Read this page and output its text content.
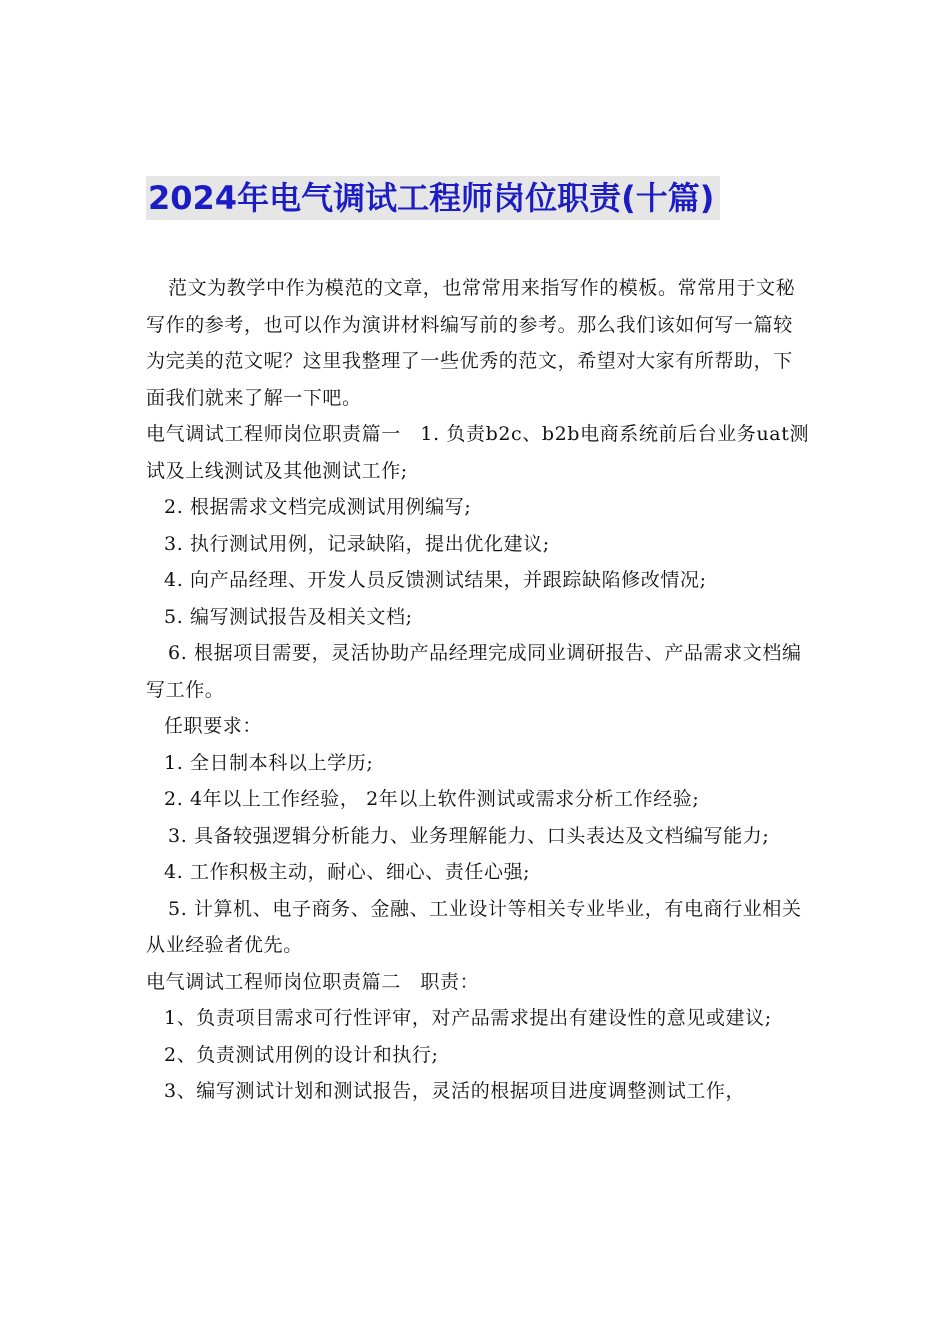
2024年电气调试工程师岗位职责(十篇)

范文为教学中作为模范的文章，也常常用来指写作的模板。常常用于文秘写作的参考，也可以作为演讲材料编写前的参考。那么我们该如何写一篇较为完美的范文呢？这里我整理了一些优秀的范文，希望对大家有所帮助，下面我们就来了解一下吧。

电气调试工程师岗位职责篇一　1. 负责b2c、b2b电商系统前后台业务uat测试及上线测试及其他测试工作;

2. 根据需求文档完成测试用例编写;

3. 执行测试用例，记录缺陷，提出优化建议;

4. 向产品经理、开发人员反馈测试结果，并跟踪缺陷修改情况;

5. 编写测试报告及相关文档;

6. 根据项目需要，灵活协助产品经理完成同业调研报告、产品需求文档编写工作。

任职要求：

1. 全日制本科以上学历;

2. 4年以上工作经验， 2年以上软件测试或需求分析工作经验;

3. 具备较强逻辑分析能力、业务理解能力、口头表达及文档编写能力;

4. 工作积极主动，耐心、细心、责任心强;

5. 计算机、电子商务、金融、工业设计等相关专业毕业，有电商行业相关从业经验者优先。

电气调试工程师岗位职责篇二　职责：

1、负责项目需求可行性评审，对产品需求提出有建设性的意见或建议;

2、负责测试用例的设计和执行;

3、编写测试计划和测试报告，灵活的根据项目进度调整测试工作，
